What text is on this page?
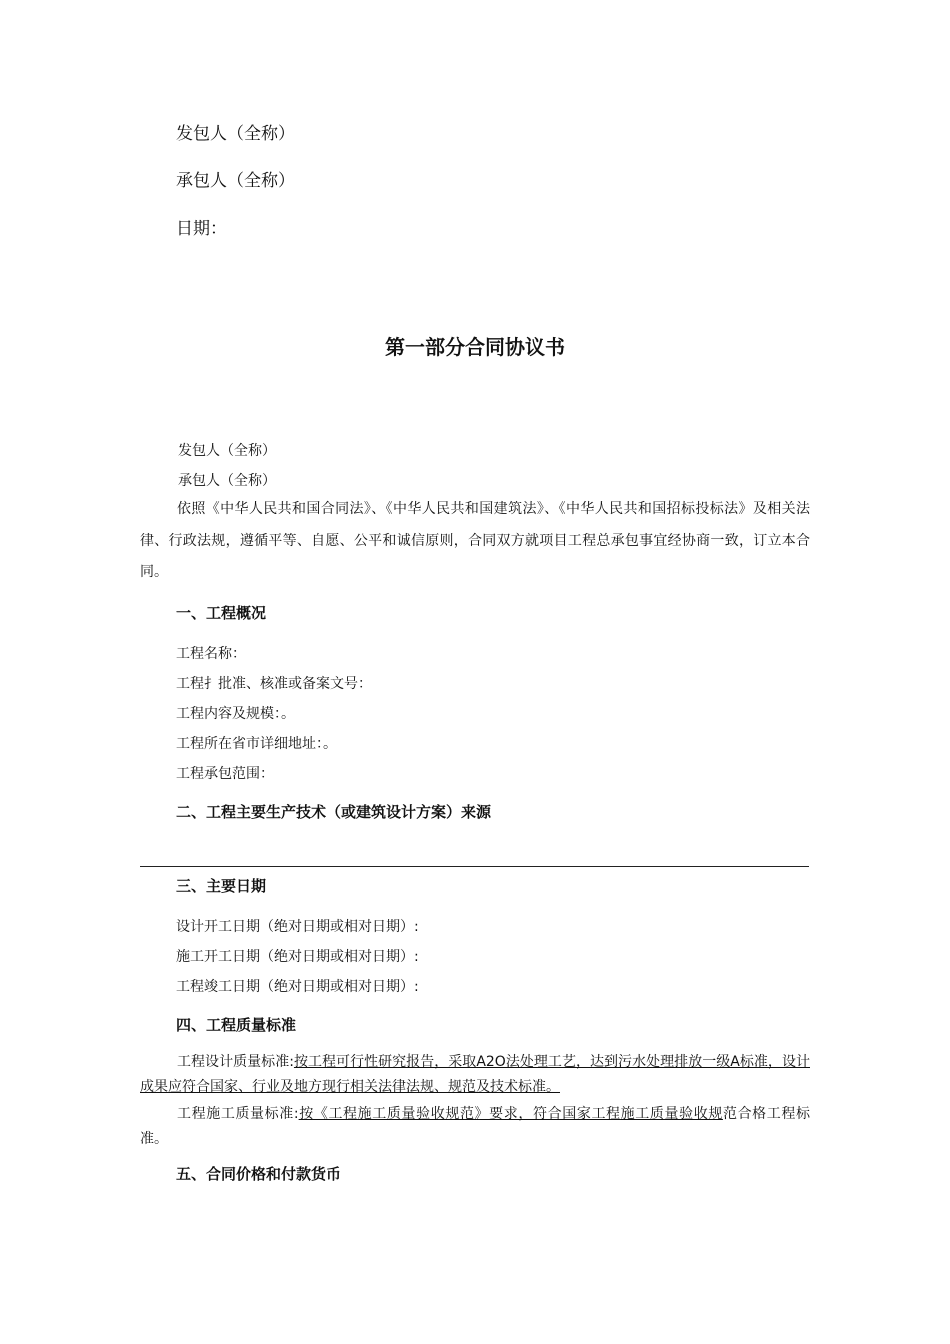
发包人（全称）
承包人（全称）
日期：
第一部分合同协议书
发包人（全称）
承包人（全称）
依照《中华人民共和国合同法》、《中华人民共和国建筑法》、《中华人民共和国招标投标法》及相关法律、行政法规，遵循平等、自愿、公平和诚信原则，合同双方就项目工程总承包事宜经协商一致，订立本合同。
一、工程概况
工程名称：
工程扌批准、核准或备案文号：
工程内容及规模：。
工程所在省市详细地址：。
工程承包范围：
二、工程主要生产技术（或建筑设计方案）来源
三、主要日期
设计开工日期（绝对日期或相对日期）:
施工开工日期（绝对日期或相对日期）:
工程竣工日期（绝对日期或相对日期）:
四、工程质量标准
工程设计质量标准:按工程可行性研究报告，采取A2O法处理工艺，达到污水处理排放一级A标准，设计成果应符合国家、行业及地方现行相关法律法规、规范及技术标准。
工程施工质量标准:按《工程施工质量验收规范》要求，符合国家工程施工质量验收规范合格工程标准。
五、合同价格和付款货币
